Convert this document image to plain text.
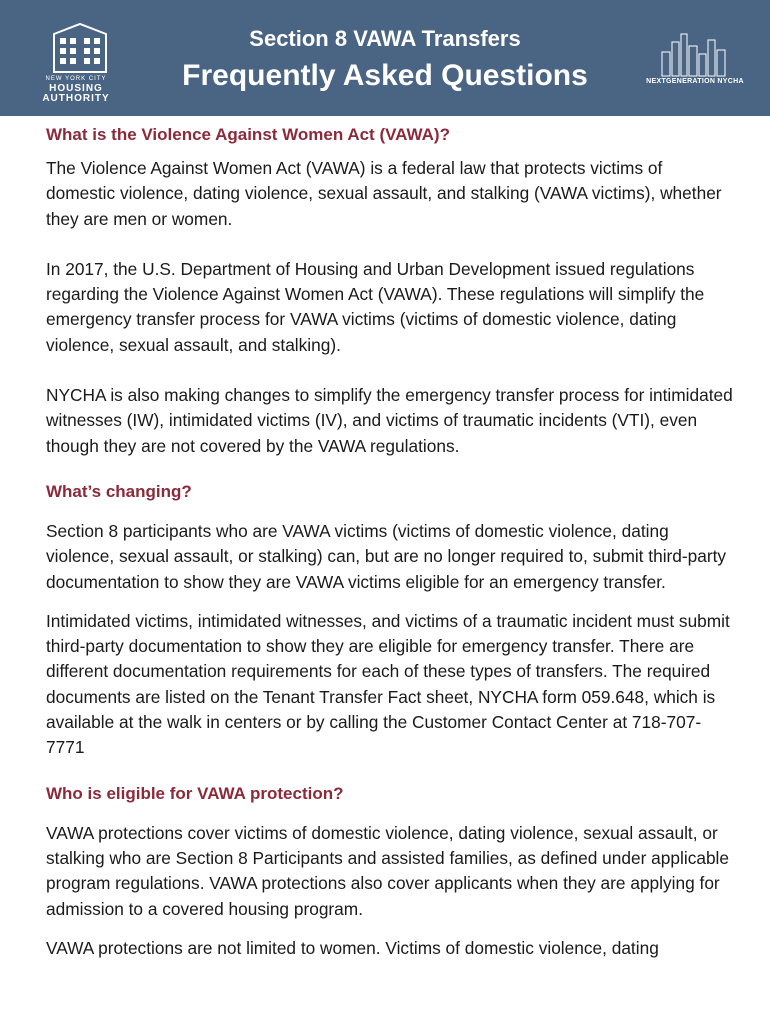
NEW YORK CITY
HOUSING
AUTHORITY
Section 8 VAWA Transfers
Frequently Asked Questions	NEXTGENERATION NYCHA
What is the Violence Against Women Act (VAWA)?

The Violence Against Women Act (VAWA) is a federal law that protects victims of domestic violence, dating violence, sexual assault, and stalking (VAWA victims), whether they are men or women.

In 2017, the U.S. Department of Housing and Urban Development issued regulations regarding the Violence Against Women Act (VAWA). These regulations will simplify the emergency transfer process for VAWA victims (victims of domestic violence, dating violence, sexual assault, and stalking).

NYCHA is also making changes to simplify the emergency transfer process for intimidated witnesses (IW), intimidated victims (IV), and victims of traumatic incidents (VTI), even though they are not covered by the VAWA regulations.

What’s changing?

Section 8 participants who are VAWA victims (victims of domestic violence, dating violence, sexual assault, or stalking) can, but are no longer required to, submit third-party documentation to show they are VAWA victims eligible for an emergency transfer.

Intimidated victims, intimidated witnesses, and victims of a traumatic incident must submit third-party documentation to show they are eligible for emergency transfer. There are different documentation requirements for each of these types of transfers. The required documents are listed on the Tenant Transfer Fact sheet, NYCHA form 059.648, which is available at the walk in centers or by calling the Customer Contact Center at 718-707-7771

Who is eligible for VAWA protection?

VAWA protections cover victims of domestic violence, dating violence, sexual assault, or stalking who are Section 8 Participants and assisted families, as defined under applicable program regulations. VAWA protections also cover applicants when they are applying for admission to a covered housing program.

VAWA protections are not limited to women. Victims of domestic violence, dating
